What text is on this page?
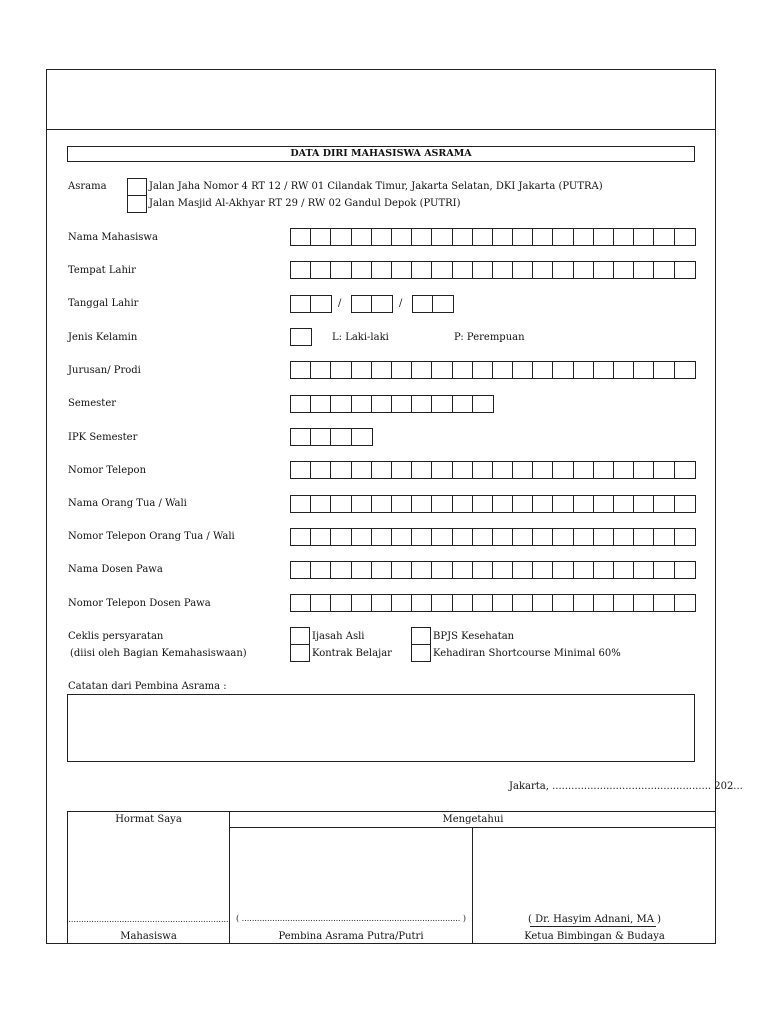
DATA DIRI MAHASISWA ASRAMA
Asrama	Jalan Jaha Nomor 4 RT 12 / RW 01 Cilandak Timur, Jakarta Selatan, DKI Jakarta (PUTRA)
Jalan Masjid Al-Akhyar RT 29 / RW 02 Gandul Depok (PUTRI)
Nama Mahasiswa
Tempat Lahir
Tanggal Lahir	/	/
Jenis Kelamin	L: Laki-laki	P: Perempuan
Jurusan/ Prodi
Semester
IPK Semester
Nomor Telepon
Nama Orang Tua / Wali
Nomor Telepon Orang Tua / Wali
Nama Dosen Pawa
Nomor Telepon Dosen Pawa
Ceklis persyaratan
(diisi oleh Bagian Kemahasiswaan)
Ijasah Asli	BPJS Kesehatan
Kontrak Belajar	Kehadiran Shortcourse Minimal 60%
Catatan dari Pembina Asrama :
Jakarta, .................................................. 202...
Hormat Saya	Mengetahui
............................................................... ( ...................................................................................... )	( Dr. Hasyim Adnani, MA )
Mahasiswa	Pembina Asrama Putra/Putri	Ketua Bimbingan & Budaya
